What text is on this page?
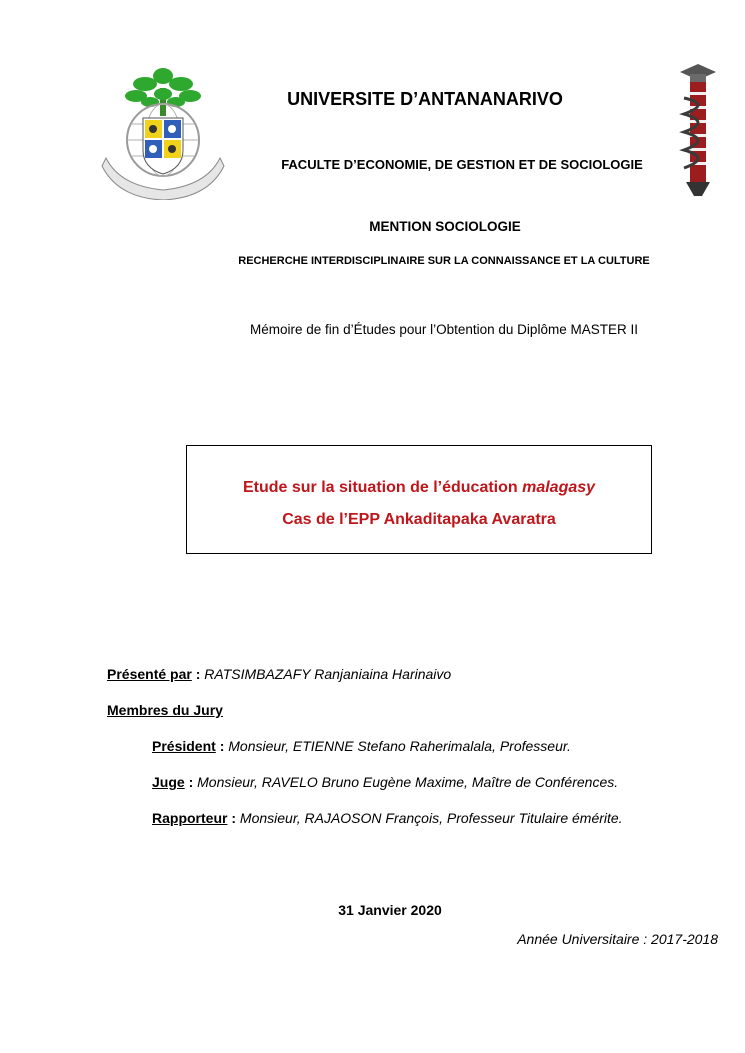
UNIVERSITE D’ANTANANARIVO
FACULTE D’ECONOMIE, DE GESTION ET DE SOCIOLOGIE
MENTION SOCIOLOGIE
RECHERCHE INTERDISCIPLINAIRE SUR LA CONNAISSANCE ET LA CULTURE
Mémoire de fin d’Études pour l’Obtention du Diplôme MASTER II
Etude sur la situation de l’éducation malagasy
Cas de l’EPP Ankaditapaka Avaratra
Présenté par : RATSIMBAZAFY Ranjaniaina Harinaivo
Membres du Jury
Président : Monsieur, ETIENNE Stefano Raherimalala, Professeur.
Juge : Monsieur, RAVELO Bruno Eugène Maxime, Maître de Conférences.
Rapporteur : Monsieur, RAJAOSON François, Professeur Titulaire émérite.
31 Janvier 2020
Année Universitaire : 2017-2018
